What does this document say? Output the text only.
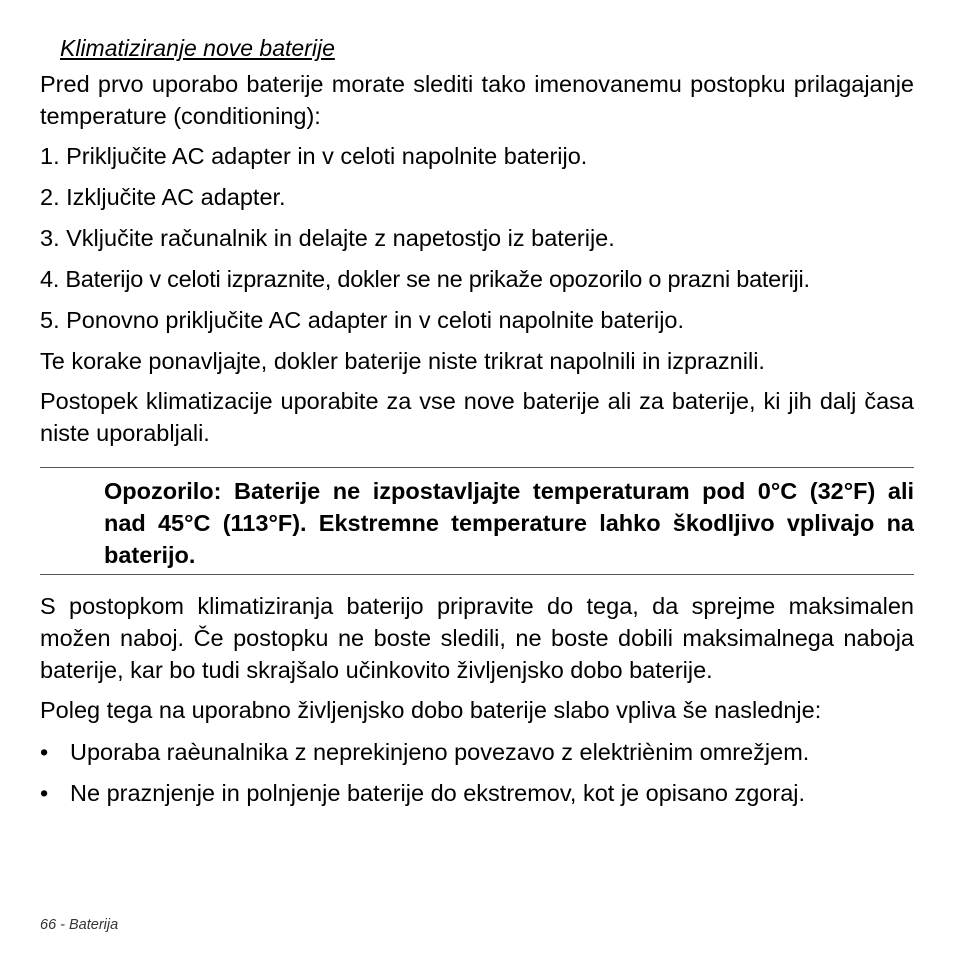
Klimatiziranje nove baterije

Pred prvo uporabo baterije morate slediti tako imenovanemu postopku prilagajanje temperature (conditioning):

1. Priključite AC adapter in v celoti napolnite baterijo.

2. Izključite AC adapter.

3. Vključite računalnik in delajte z napetostjo iz baterije.

4. Baterijo v celoti izpraznite, dokler se ne prikaže opozorilo o prazni bateriji.

5. Ponovno priključite AC adapter in v celoti napolnite baterijo.

Te korake ponavljajte, dokler baterije niste trikrat napolnili in izpraznili.

Postopek klimatizacije uporabite za vse nove baterije ali za baterije, ki jih dalj časa niste uporabljali.

Opozorilo: Baterije ne izpostavljajte temperaturam pod 0°C (32°F) ali nad 45°C (113°F). Ekstremne temperature lahko škodljivo vplivajo na baterijo.

S postopkom klimatiziranja baterijo pripravite do tega, da sprejme maksimalen možen naboj. Če postopku ne boste sledili, ne boste dobili maksimalnega naboja baterije, kar bo tudi skrajšalo učinkovito življenjsko dobo baterije.

Poleg tega na uporabno življenjsko dobo baterije slabo vpliva še naslednje:

• Uporaba raèunalnika z neprekinjeno povezavo z elektriènim omrežjem.
• Ne praznjenje in polnjenje baterije do ekstremov, kot je opisano zgoraj.
66 - Baterija
